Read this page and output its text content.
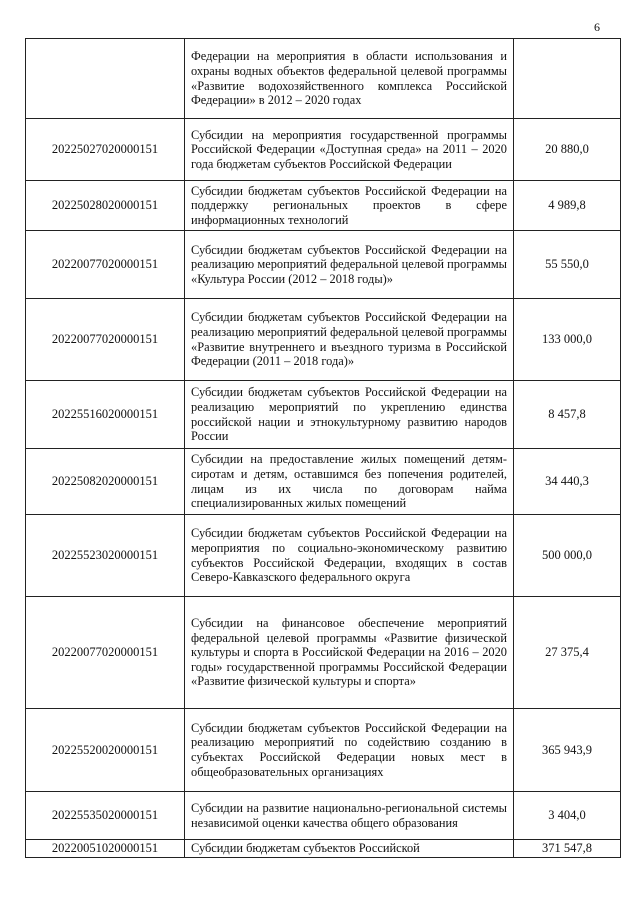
6
	Федерации на мероприятия в области использования и охраны водных объектов федеральной целевой программы «Развитие водохозяйственного комплекса Российской Федерации» в 2012 – 2020 годах	
20225027020000151	Субсидии на мероприятия государственной программы Российской Федерации «Доступная среда» на 2011 – 2020 года бюджетам субъектов Российской Федерации	20 880,0
20225028020000151	Субсидии бюджетам субъектов Российской Федерации на поддержку региональных проектов в сфере информационных технологий	4 989,8
20220077020000151	Субсидии бюджетам субъектов Российской Федерации на реализацию мероприятий федеральной целевой программы «Культура России (2012 – 2018 годы)»	55 550,0
20220077020000151	Субсидии бюджетам субъектов Российской Федерации на реализацию мероприятий федеральной целевой программы «Развитие внутреннего и въездного туризма в Российской Федерации (2011 – 2018 года)»	133 000,0
20225516020000151	Субсидии бюджетам субъектов Российской Федерации на реализацию мероприятий по укреплению единства российской нации и этнокультурному развитию народов России	8 457,8
20225082020000151	Субсидии на предоставление жилых помещений детям-сиротам и детям, оставшимся без попечения родителей, лицам из их числа по договорам найма специализированных жилых помещений	34 440,3
20225523020000151	Субсидии бюджетам субъектов Российской Федерации на мероприятия по социально-экономическому развитию субъектов Российской Федерации, входящих в состав Северо-Кавказского федерального округа	500 000,0
20220077020000151	Субсидии на финансовое обеспечение мероприятий федеральной целевой программы «Развитие физической культуры и спорта в Российской Федерации на 2016 – 2020 годы» государственной программы Российской Федерации «Развитие физической культуры и спорта»	27 375,4
20225520020000151	Субсидии бюджетам субъектов Российской Федерации на реализацию мероприятий по содействию созданию в субъектах Российской Федерации новых мест в общеобразовательных организациях	365 943,9
20225535020000151	Субсидии на развитие национально-региональной системы независимой оценки качества общего образования	3 404,0
20220051020000151	Субсидии бюджетам субъектов Российской	371 547,8
